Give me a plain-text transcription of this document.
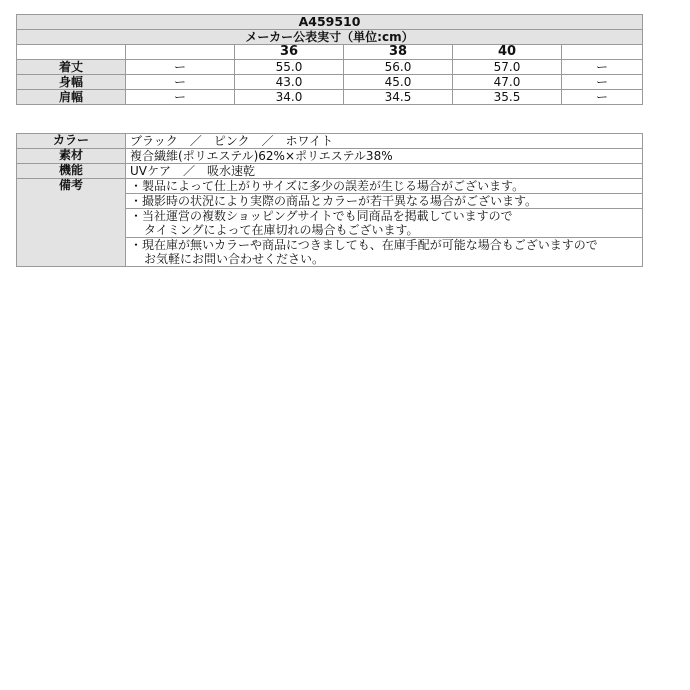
A459510					
メーカー公表実寸（単位:cm）					
		36	38	40	
着丈	ー	55.0	56.0	57.0	ー
身幅	ー	43.0	45.0	47.0	ー
肩幅	ー	34.0	34.5	35.5	ー
カラー	ブラック　／　ピンク　／　ホワイト
素材	複合繊維(ポリエステル)62%×ポリエステル38%
機能	UVケア　／　吸水速乾
備考	・製品によって仕上がりサイズに多少の誤差が生じる場合がございます。

	・撮影時の状況により実際の商品とカラーが若干異なる場合がございます。

	・当社運営の複数ショッピングサイトでも同商品を掲載していますので
タイミングによって在庫切れの場合もございます。

	・現在庫が無いカラーや商品につきましても、在庫手配が可能な場合もございますので
お気軽にお問い合わせください。
